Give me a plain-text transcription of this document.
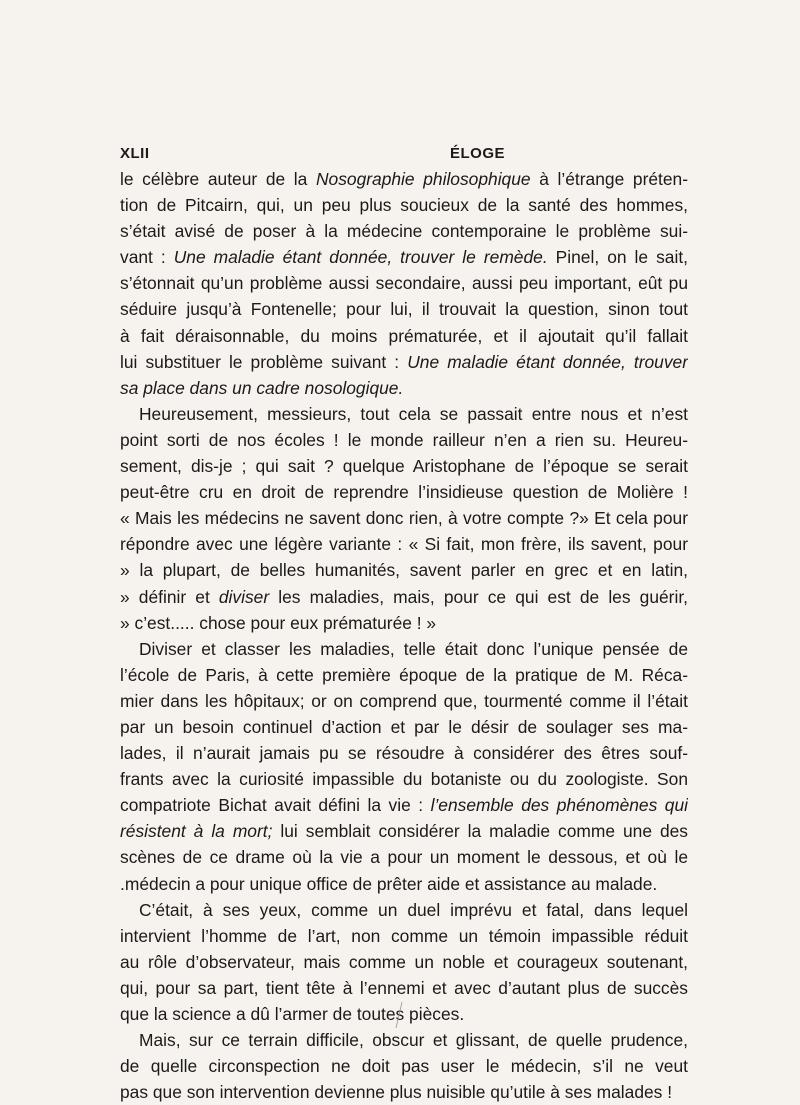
XLII	ÉLOGE
le célèbre auteur de la Nosographie philosophique à l’étrange préten-
tion de Pitcairn, qui, un peu plus soucieux de la santé des hommes,
s’était avisé de poser à la médecine contemporaine le problème sui-
vant : Une maladie étant donnée, trouver le remède. Pinel, on le sait,
s’étonnait qu’un problème aussi secondaire, aussi peu important, eût pu
séduire jusqu’à Fontenelle; pour lui, il trouvait la question, sinon tout
à fait déraisonnable, du moins prématurée, et il ajoutait qu’il fallait
lui substituer le problème suivant : Une maladie étant donnée, trouver
sa place dans un cadre nosologique.
Heureusement, messieurs, tout cela se passait entre nous et n’est
point sorti de nos écoles ! le monde railleur n’en a rien su. Heureu-
sement, dis-je ; qui sait ? quelque Aristophane de l’époque se serait
peut-être cru en droit de reprendre l’insidieuse question de Molière !
« Mais les médecins ne savent donc rien, à votre compte ?» Et cela pour
répondre avec une légère variante : « Si fait, mon frère, ils savent, pour
» la plupart, de belles humanités, savent parler en grec et en latin,
» définir et diviser les maladies, mais, pour ce qui est de les guérir,
» c’est..... chose pour eux prématurée ! »
Diviser et classer les maladies, telle était donc l’unique pensée de
l’école de Paris, à cette première époque de la pratique de M. Réca-
mier dans les hôpitaux; or on comprend que, tourmenté comme il l’était
par un besoin continuel d’action et par le désir de soulager ses ma-
lades, il n’aurait jamais pu se résoudre à considérer des êtres souf-
frants avec la curiosité impassible du botaniste ou du zoologiste. Son
compatriote Bichat avait défini la vie : l’ensemble des phénomènes qui
résistent à la mort; lui semblait considérer la maladie comme une des
scènes de ce drame où la vie a pour un moment le dessous, et où le
.médecin a pour unique office de prêter aide et assistance au malade.
C’était, à ses yeux, comme un duel imprévu et fatal, dans lequel
intervient l’homme de l’art, non comme un témoin impassible réduit
au rôle d’observateur, mais comme un noble et courageux soutenant,
qui, pour sa part, tient tête à l’ennemi et avec d’autant plus de succès
que la science a dû l’armer de toutes pièces.
Mais, sur ce terrain difficile, obscur et glissant, de quelle prudence,
de quelle circonspection ne doit pas user le médecin, s’il ne veut
pas que son intervention devienne plus nuisible qu’utile à ses malades !
